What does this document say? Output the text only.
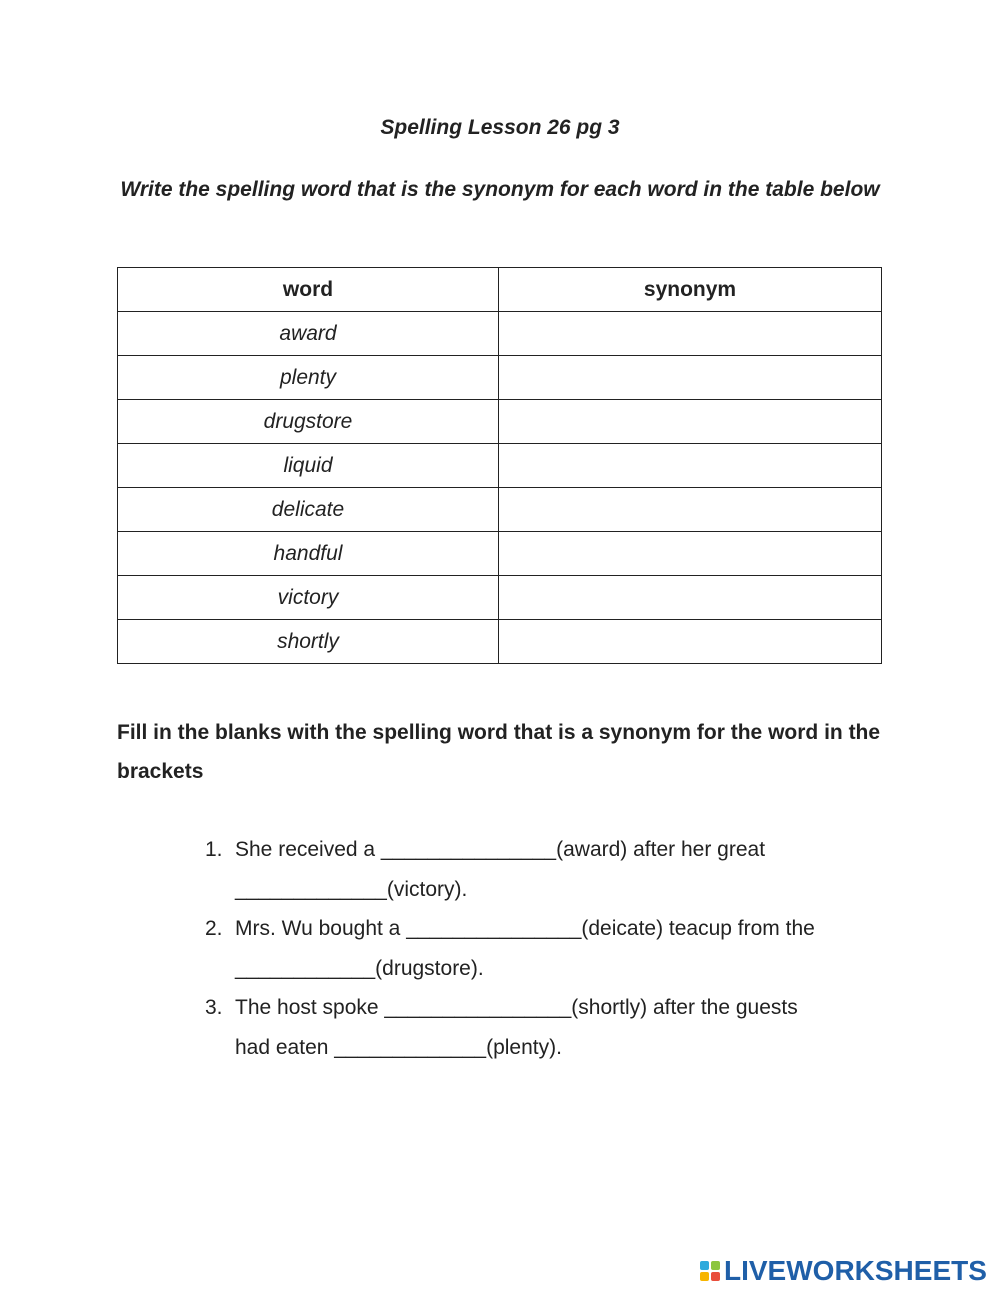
Spelling Lesson 26 pg 3
Write the spelling word that is the synonym for each word in the table below
word	synonym
award	
plenty	
drugstore	
liquid	
delicate	
handful	
victory	
shortly	
Fill in the blanks with the spelling word that is a synonym for the word in the brackets
1. She received a _______________(award) after her great
_____________(victory).
2. Mrs. Wu bought a _______________(deicate) teacup from the
____________(drugstore).
3. The host spoke ________________(shortly) after the guests
had eaten _____________(plenty).
LIVEWORKSHEETS
